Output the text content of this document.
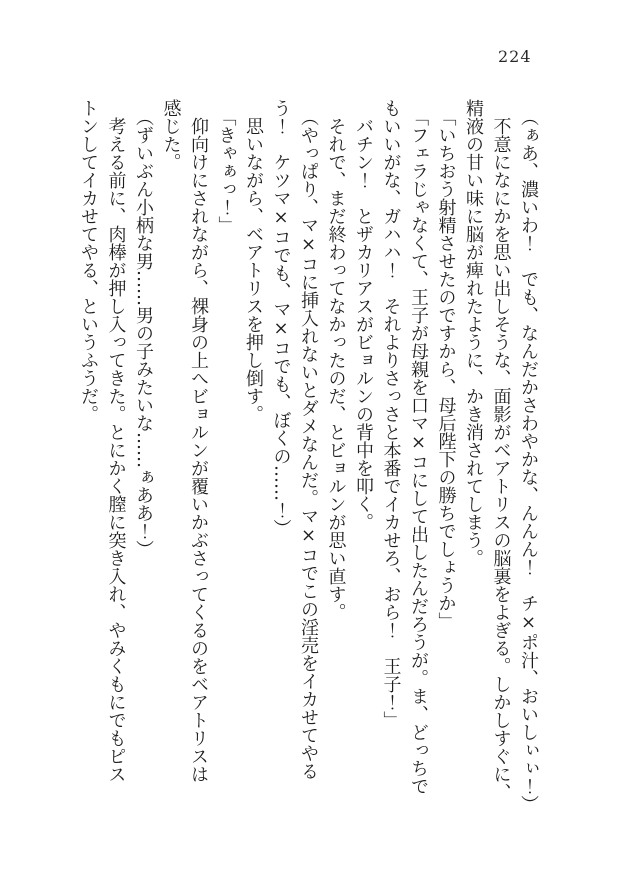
224
　（ぁあ、濃いわ！　でも、なんだかさわやかな、んんん！　チ×ポ汁、おいしぃぃ！）
　不意になにかを思い出しそうな、面影がベアトリスの脳裏をよぎる。しかしすぐに、
精液の甘い味に脳が痺れたように、かき消されてしまう。
　「いちおう射精させたのですから、母后陛下の勝ちでしょうか」
　「フェラじゃなくて、王子が母親を口マ×コにして出したんだろうが。ま、どっちで
もいいがな、ガハハ！　それよりさっさと本番でイカせろ、おら！　王子！」
　バチン！　とザカリアスがビョルンの背中を叩く。
　それで、まだ終わってなかったのだ、とビョルンが思い直す。
　（やっぱり、マ×コに挿入れないとダメなんだ。マ×コでこの淫売をイカせてやる
う！　ケツマ×コでも、マ×コでも、ぼくの……！）
　思いながら、ベアトリスを押し倒す。
　「きゃぁっ！」
　仰向けにされながら、裸身の上へビョルンが覆いかぶさってくるのをベアトリスは
感じた。
　（ずいぶん小柄な男……男の子みたいな……ぁああ！）
　考える前に、肉棒が押し入ってきた。とにかく膣に突き入れ、やみくもにでもピス
トンしてイカせてやる、というふうだ。
